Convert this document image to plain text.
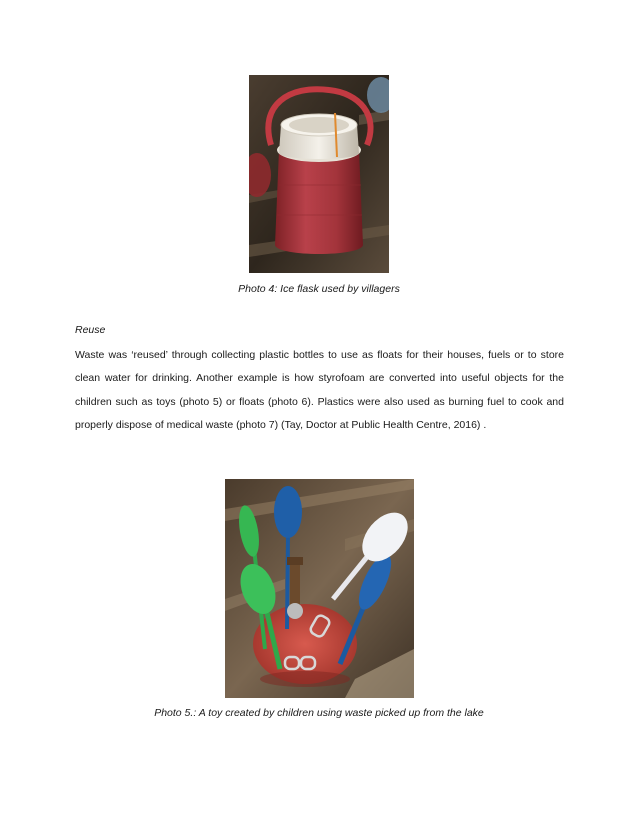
Photo 4: Ice flask used by villagers
Reuse

Waste was ‘reused’ through collecting plastic bottles to use as floats for their houses, fuels or to store clean water for drinking. Another example is how styrofoam are converted into useful objects for the children such as toys (photo 5) or floats (photo 6). Plastics were also used as burning fuel to cook and properly dispose of medical waste (photo 7) (Tay, Doctor at Public Health Centre, 2016) .

Photo 5.: A toy created by children using waste picked up from the lake
